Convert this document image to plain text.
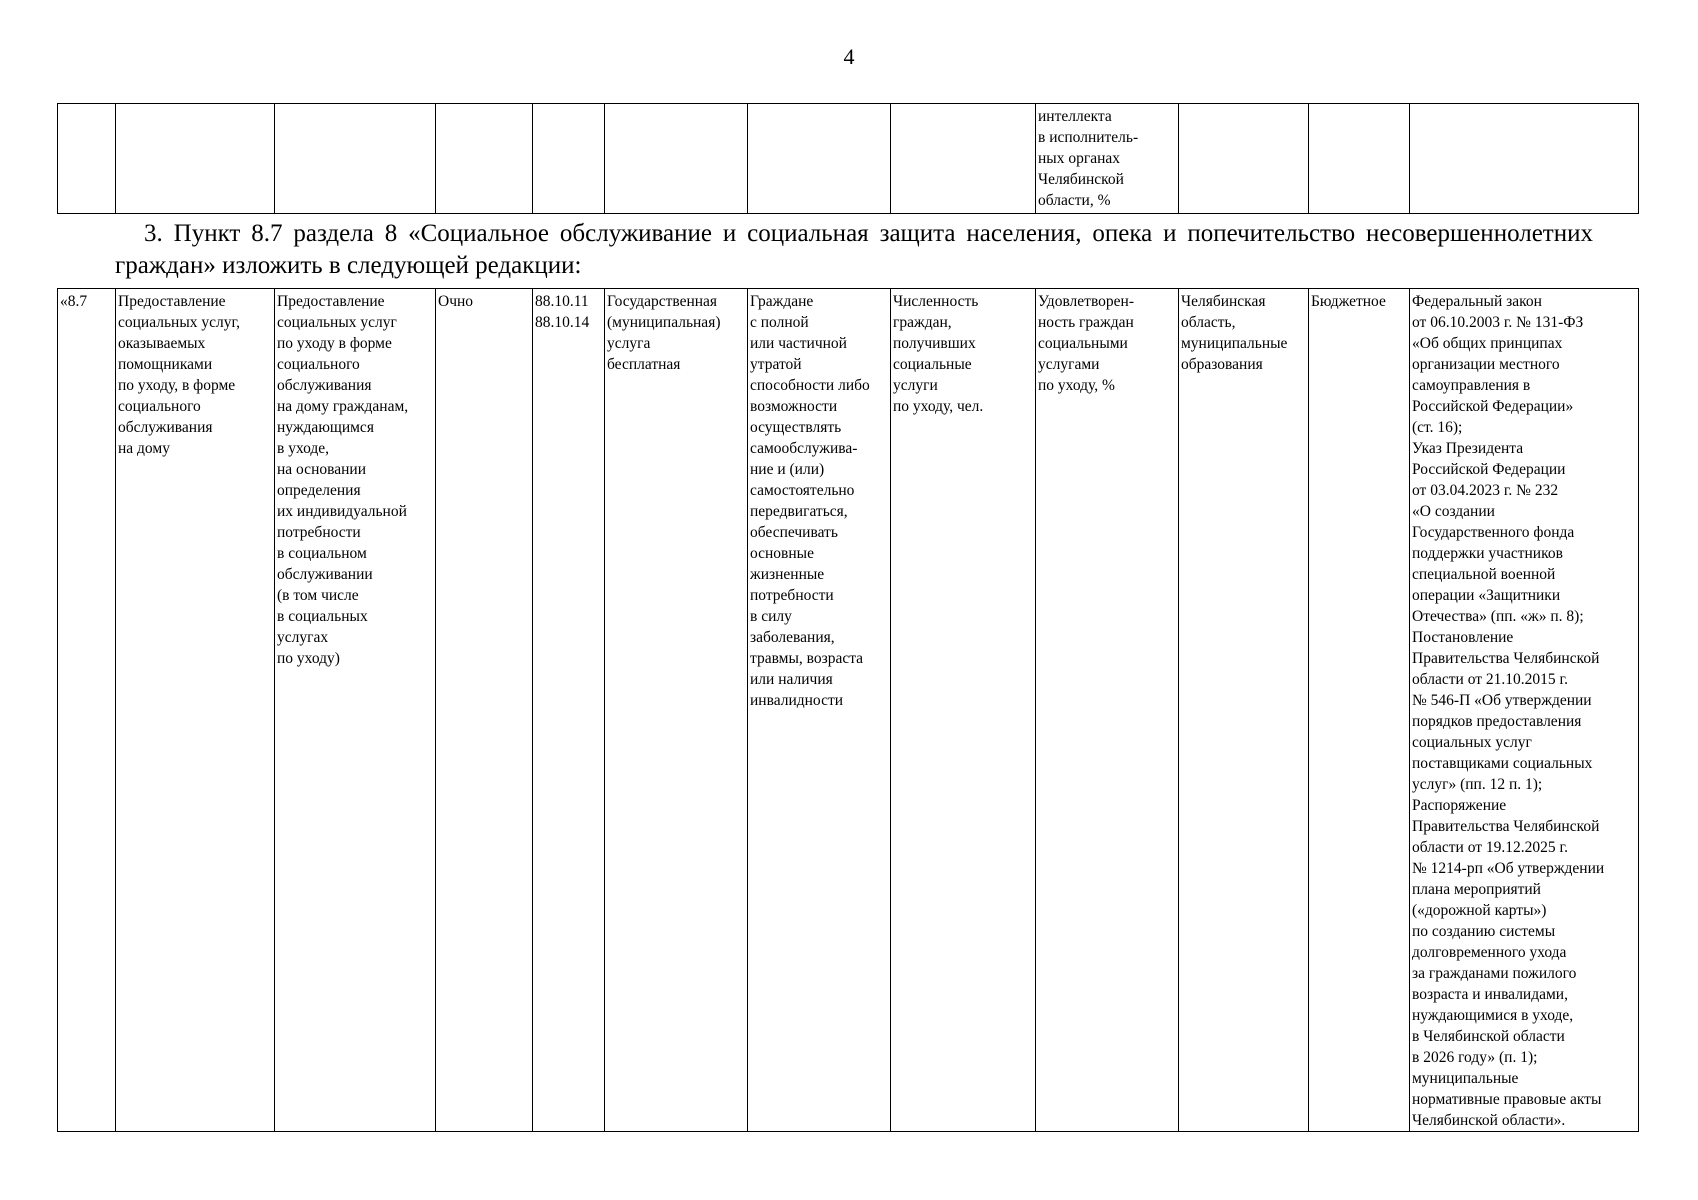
4
								интеллекта
в исполнитель-
ных органах
Челябинской
области, %			
3. Пункт 8.7 раздела 8 «Социальное обслуживание и социальная защита населения, опека и попечительство несовершеннолетних граждан» изложить в следующей редакции:
«8.7	Предоставление
социальных услуг,
оказываемых
помощниками
по уходу, в форме
социального
обслуживания
на дому	Предоставление
социальных услуг
по уходу в форме
социального
обслуживания
на дому гражданам,
нуждающимся
в уходе,
на основании
определения
их индивидуальной
потребности
в социальном
обслуживании
(в том числе
в социальных
услугах
по уходу)	Очно	88.10.11
88.10.14	Государственная
(муниципальная)
услуга
бесплатная	Граждане
с полной
или частичной
утратой
способности либо
возможности
осуществлять
самообслужива-
ние и (или)
самостоятельно
передвигаться,
обеспечивать
основные
жизненные
потребности
в силу
заболевания,
травмы, возраста
или наличия
инвалидности	Численность
граждан,
получивших
социальные
услуги
по уходу, чел.	Удовлетворен-
ность граждан
социальными
услугами
по уходу, %	Челябинская
область,
муниципальные
образования	Бюджетное	Федеральный закон
от 06.10.2003 г. № 131-ФЗ
«Об общих принципах
организации местного
самоуправления в
Российской Федерации»
(ст. 16);
Указ Президента
Российской Федерации
от 03.04.2023 г. № 232
«О создании
Государственного фонда
поддержки участников
специальной военной
операции «Защитники
Отечества» (пп. «ж» п. 8);
Постановление
Правительства Челябинской
области от 21.10.2015 г.
№ 546-П «Об утверждении
порядков предоставления
социальных услуг
поставщиками социальных
услуг» (пп. 12 п. 1);
Распоряжение
Правительства Челябинской
области от 19.12.2025 г.
№ 1214-рп «Об утверждении
плана мероприятий
(«дорожной карты»)
по созданию системы
долговременного ухода
за гражданами пожилого
возраста и инвалидами,
нуждающимися в уходе,
в Челябинской области
в 2026 году» (п. 1);
муниципальные
нормативные правовые акты
Челябинской области».
